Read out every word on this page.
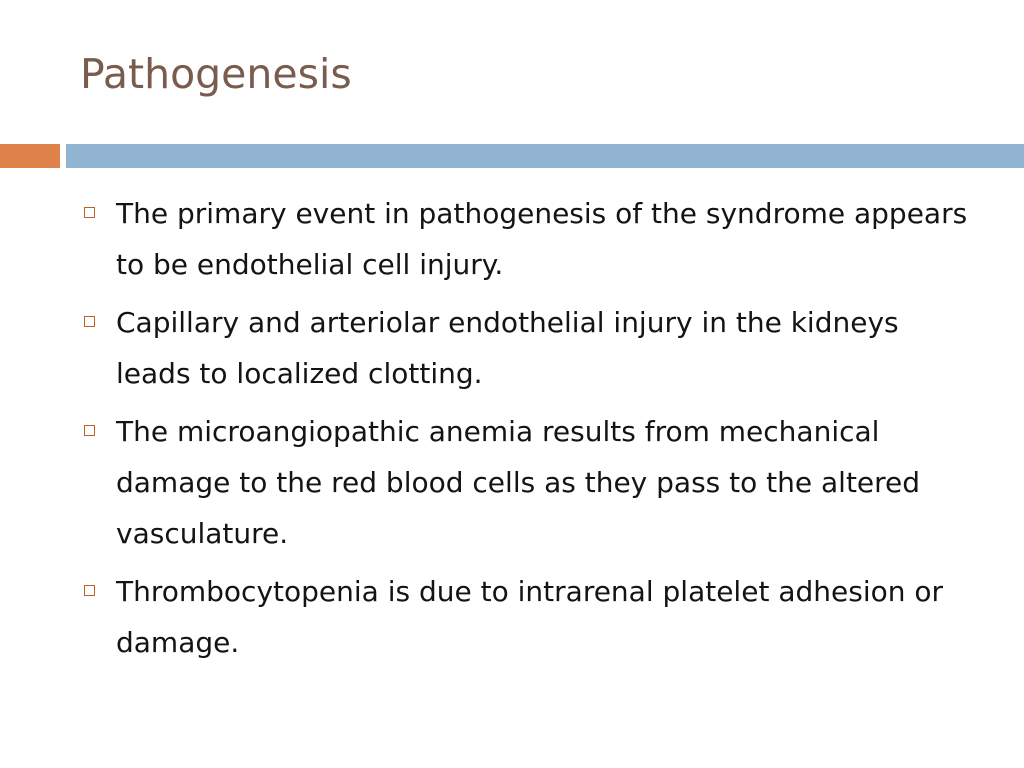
Pathogenesis
The primary event in pathogenesis of the syndrome appears to be endothelial cell injury.
Capillary and arteriolar endothelial injury in the kidneys leads to localized clotting.
The microangiopathic anemia results from mechanical damage to the red blood cells as they pass to the altered vasculature.
Thrombocytopenia is due to intrarenal platelet adhesion or damage.
